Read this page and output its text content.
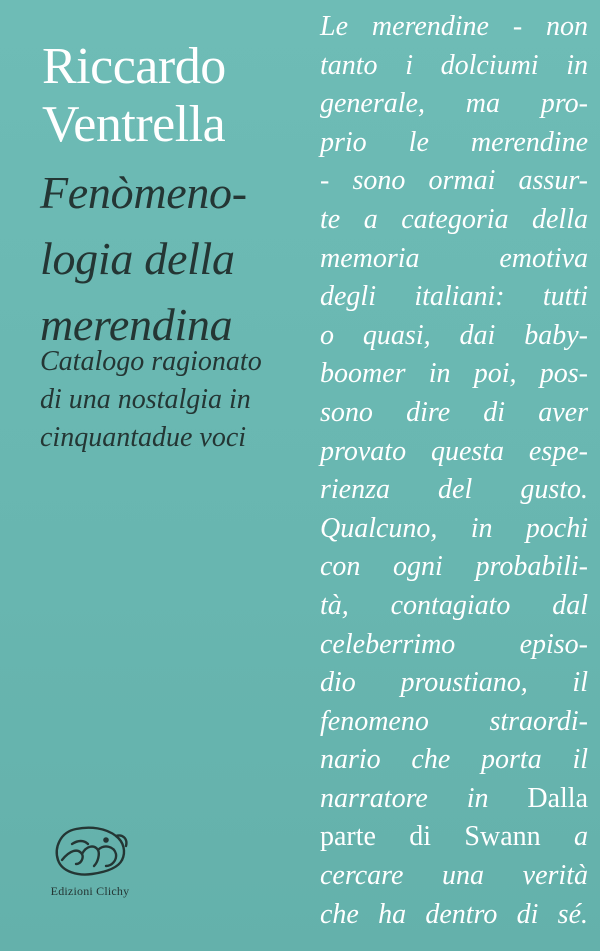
Riccardo
Ventrella
Fenòmeno-
logia della
merendina
Catalogo ragionato
di una nostalgia in
cinquantadue voci
Le merendine - non
tanto i dolciumi in
generale, ma pro-
prio le merendine
- sono ormai assur-
te a categoria della
memoria emotiva
degli italiani: tutti
o quasi, dai baby-
boomer in poi, pos-
sono dire di aver
provato questa espe-
rienza del gusto.
Qualcuno, in pochi
con ogni probabili-
tà, contagiato dal
celeberrimo episo-
dio proustiano, il
fenomeno straordi-
nario che porta il
narratore in Dalla
parte di Swann a
cercare una verità
che ha dentro di sé.
Edizioni Clichy
